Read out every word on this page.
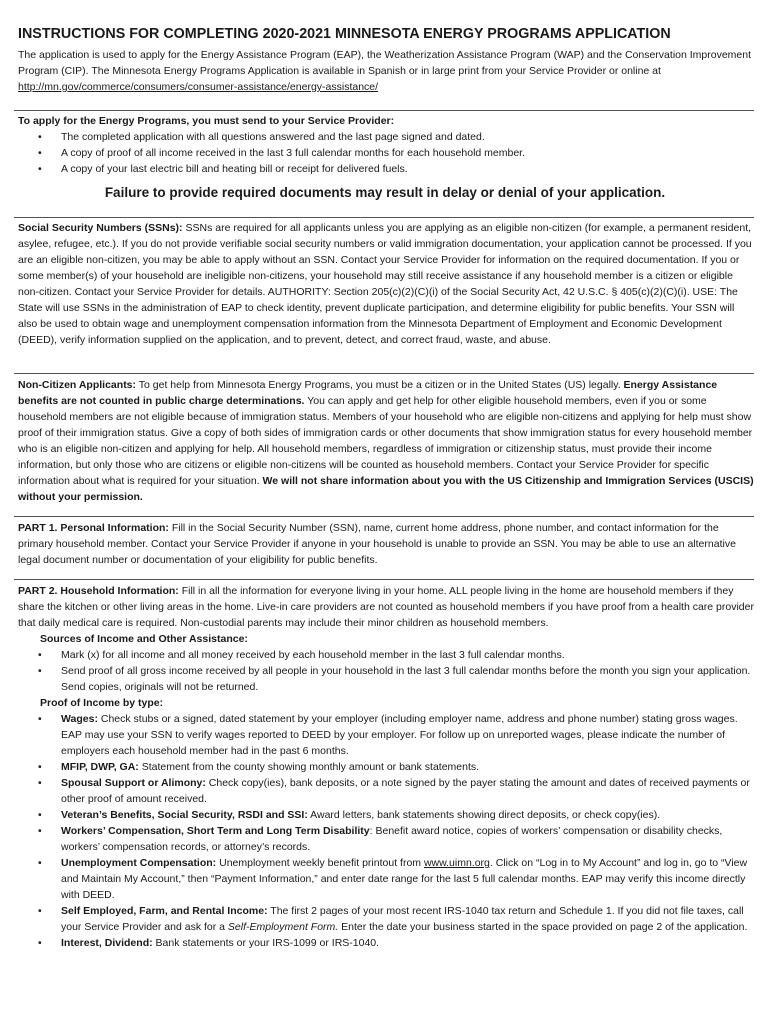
INSTRUCTIONS FOR COMPLETING 2020-2021 MINNESOTA ENERGY PROGRAMS APPLICATION
The application is used to apply for the Energy Assistance Program (EAP), the Weatherization Assistance Program (WAP) and the Conservation Improvement Program (CIP). The Minnesota Energy Programs Application is available in Spanish or in large print from your Service Provider or online at http://mn.gov/commerce/consumers/consumer-assistance/energy-assistance/
To apply for the Energy Programs, you must send to your Service Provider:
• The completed application with all questions answered and the last page signed and dated.
• A copy of proof of all income received in the last 3 full calendar months for each household member.
• A copy of your last electric bill and heating bill or receipt for delivered fuels.
Failure to provide required documents may result in delay or denial of your application.
Social Security Numbers (SSNs): SSNs are required for all applicants unless you are applying as an eligible non-citizen (for example, a permanent resident, asylee, refugee, etc.). If you do not provide verifiable social security numbers or valid immigration documentation, your application cannot be processed. If you are an eligible non-citizen, you may be able to apply without an SSN. Contact your Service Provider for information on the required documentation. If you or some member(s) of your household are ineligible non-citizens, your household may still receive assistance if any household member is a citizen or eligible non-citizen. Contact your Service Provider for details. AUTHORITY: Section 205(c)(2)(C)(i) of the Social Security Act, 42 U.S.C. § 405(c)(2)(C)(i). USE: The State will use SSNs in the administration of EAP to check identity, prevent duplicate participation, and determine eligibility for public benefits. Your SSN will also be used to obtain wage and unemployment compensation information from the Minnesota Department of Employment and Economic Development (DEED), verify information supplied on the application, and to prevent, detect, and correct fraud, waste, and abuse.
Non-Citizen Applicants: To get help from Minnesota Energy Programs, you must be a citizen or in the United States (US) legally. Energy Assistance benefits are not counted in public charge determinations. You can apply and get help for other eligible household members, even if you or some household members are not eligible because of immigration status. Members of your household who are eligible non-citizens and applying for help must show proof of their immigration status. Give a copy of both sides of immigration cards or other documents that show immigration status for every household member who is an eligible non-citizen and applying for help. All household members, regardless of immigration or citizenship status, must provide their income information, but only those who are citizens or eligible non-citizens will be counted as household members. Contact your Service Provider for specific information about what is required for your situation. We will not share information about you with the US Citizenship and Immigration Services (USCIS) without your permission.
PART 1. Personal Information: Fill in the Social Security Number (SSN), name, current home address, phone number, and contact information for the primary household member. Contact your Service Provider if anyone in your household is unable to provide an SSN. You may be able to use an alternative legal document number or documentation of your eligibility for public benefits.
PART 2. Household Information: Fill in all the information for everyone living in your home. ALL people living in the home are household members if they share the kitchen or other living areas in the home. Live-in care providers are not counted as household members if you have proof from a health care provider that daily medical care is required. Non-custodial parents may include their minor children as household members.
Sources of Income and Other Assistance:
• Mark (x) for all income and all money received by each household member in the last 3 full calendar months.
• Send proof of all gross income received by all people in your household in the last 3 full calendar months before the month you sign your application. Send copies, originals will not be returned.
Proof of Income by type:
• Wages: Check stubs or a signed, dated statement by your employer (including employer name, address and phone number) stating gross wages. EAP may use your SSN to verify wages reported to DEED by your employer. For follow up on unreported wages, please indicate the number of employers each household member had in the past 6 months.
• MFIP, DWP, GA: Statement from the county showing monthly amount or bank statements.
• Spousal Support or Alimony: Check copy(ies), bank deposits, or a note signed by the payer stating the amount and dates of received payments or other proof of amount received.
• Veteran’s Benefits, Social Security, RSDI and SSI: Award letters, bank statements showing direct deposits, or check copy(ies).
• Workers’ Compensation, Short Term and Long Term Disability: Benefit award notice, copies of workers’ compensation or disability checks, workers’ compensation records, or attorney’s records.
• Unemployment Compensation: Unemployment weekly benefit printout from www.uimn.org. Click on “Log in to My Account” and log in, go to “View and Maintain My Account,” then “Payment Information,” and enter date range for the last 5 full calendar months. EAP may verify this income directly with DEED.
• Self Employed, Farm, and Rental Income: The first 2 pages of your most recent IRS-1040 tax return and Schedule 1. If you did not file taxes, call your Service Provider and ask for a Self-Employment Form. Enter the date your business started in the space provided on page 2 of the application.
• Interest, Dividend: Bank statements or your IRS-1099 or IRS-1040.
